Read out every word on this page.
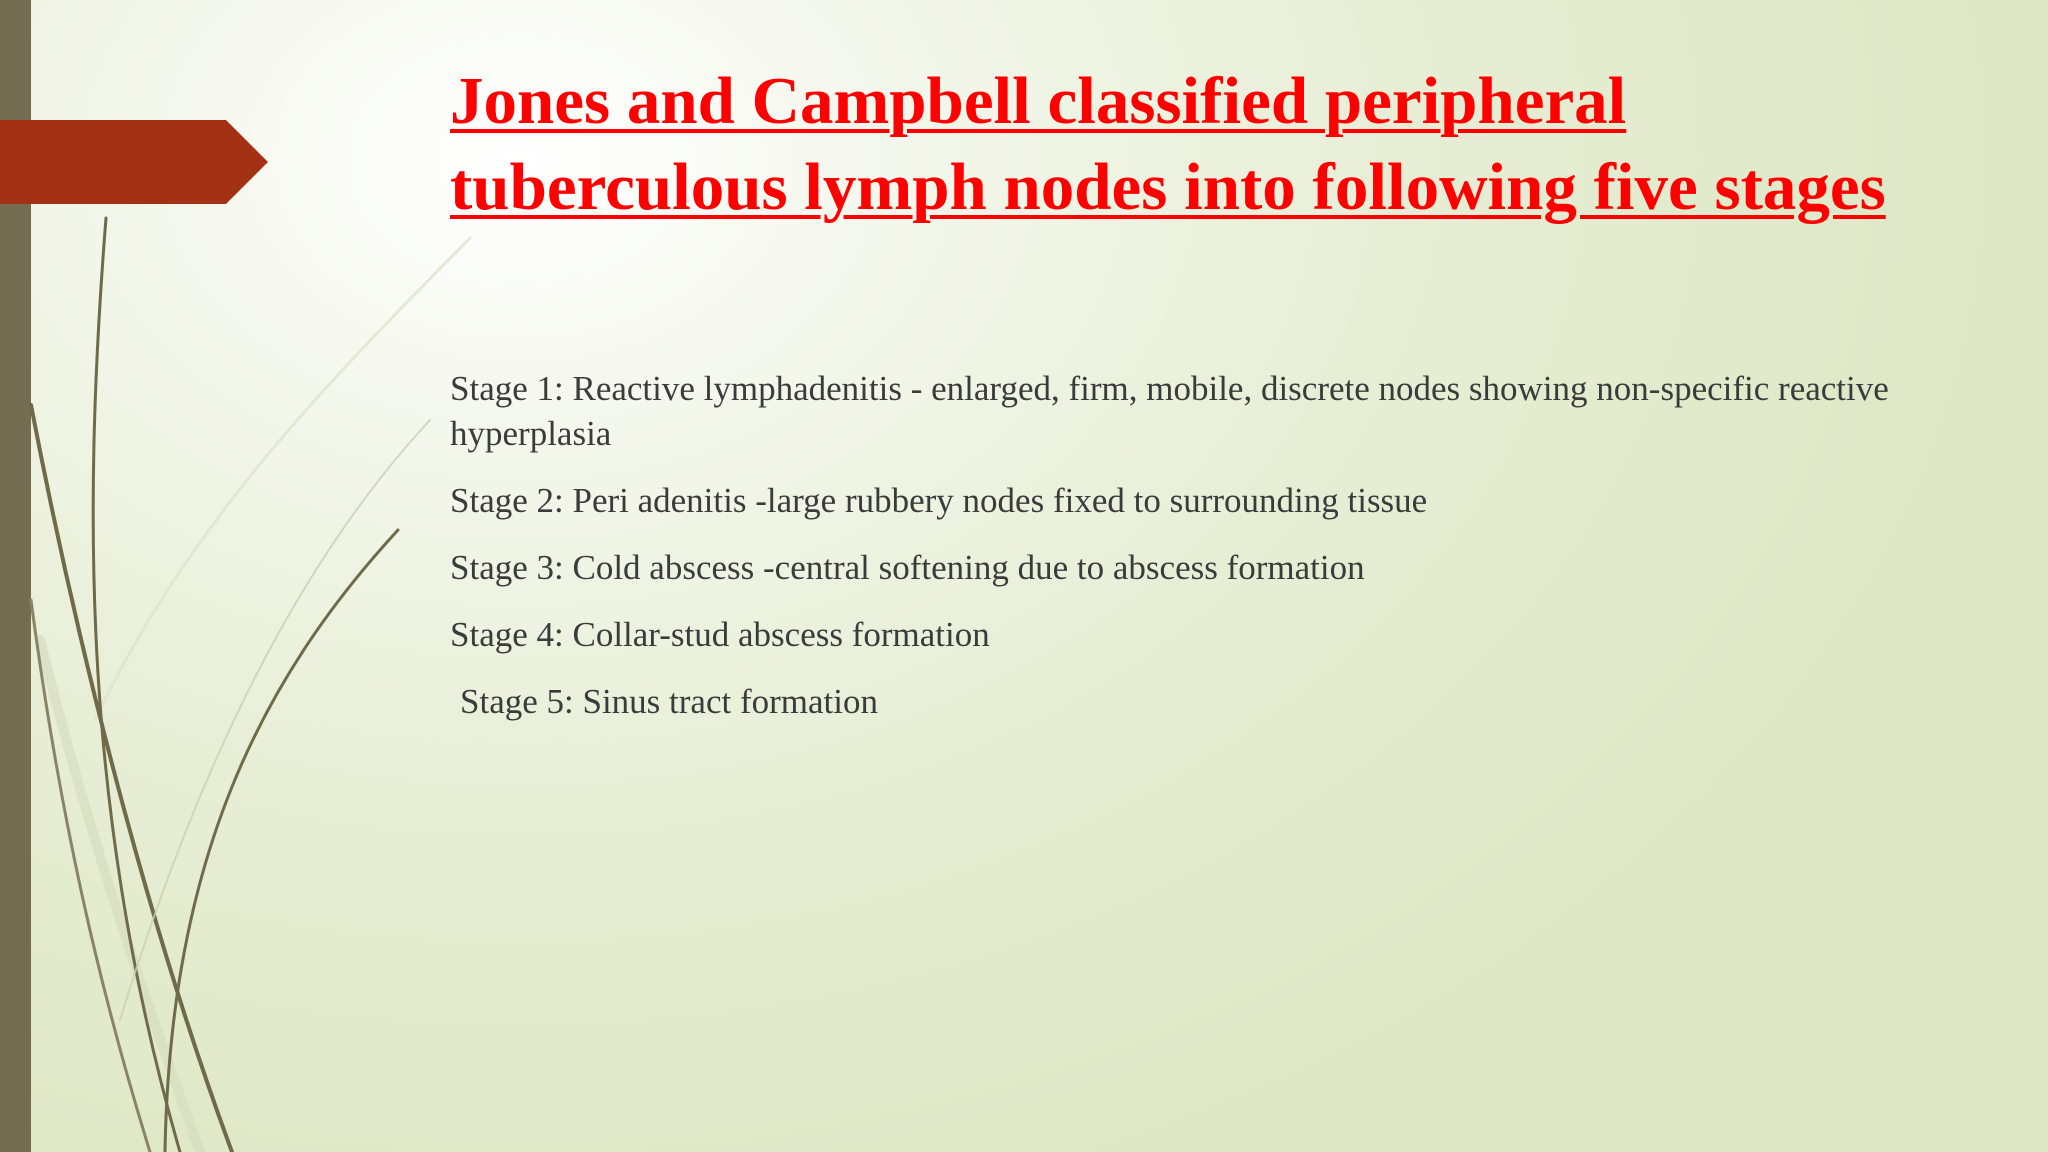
Jones and Campbell classified peripheral tuberculous lymph nodes into following five stages
Stage 1: Reactive lymphadenitis - enlarged, firm, mobile, discrete nodes showing non-specific reactive hyperplasia
Stage 2: Peri adenitis -large rubbery nodes fixed to surrounding tissue
Stage 3: Cold abscess -central softening due to abscess formation
Stage 4: Collar-stud abscess formation
Stage 5: Sinus tract formation
